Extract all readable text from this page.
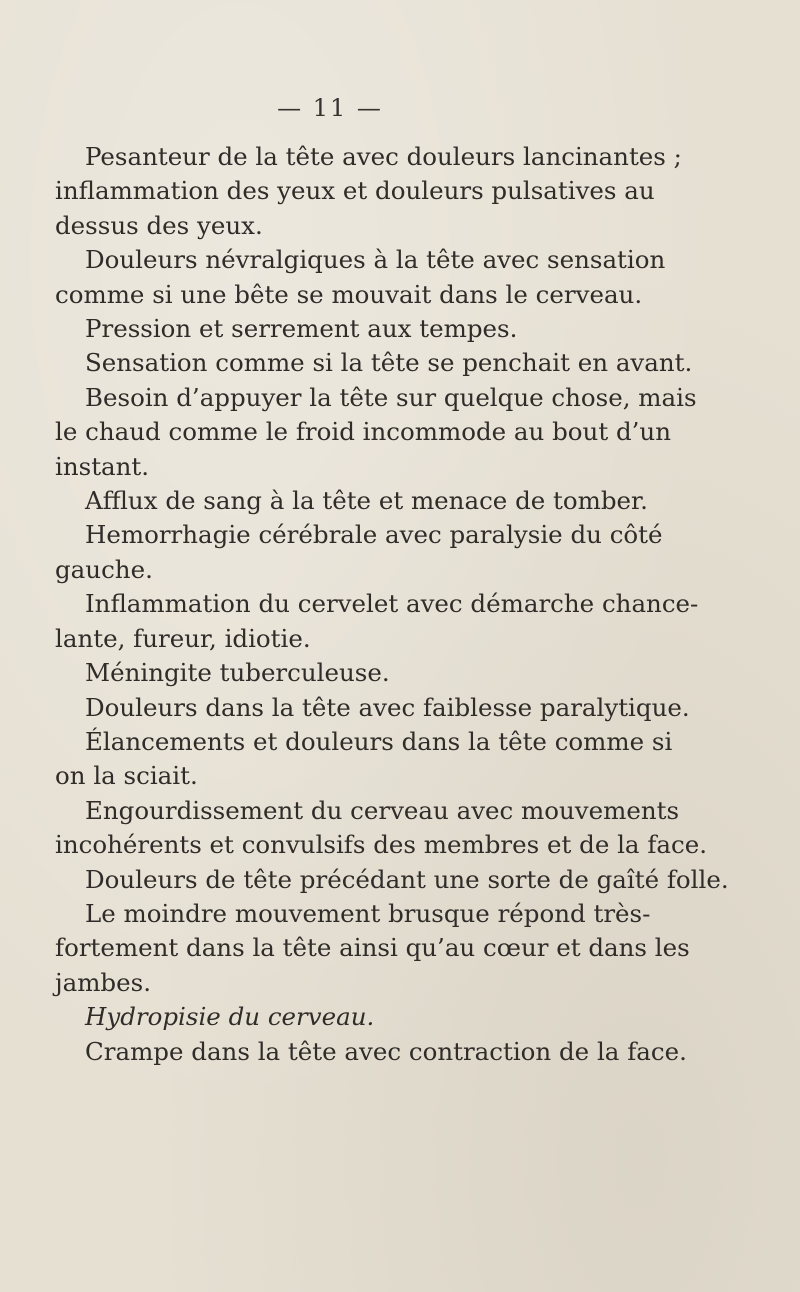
— 11 —
Pesanteur de la tête avec douleurs lancinantes ;
inflammation des yeux et douleurs pulsatives au
dessus des yeux.
Douleurs névralgiques à la tête avec sensation
comme si une bête se mouvait dans le cerveau.
Pression et serrement aux tempes.
Sensation comme si la tête se penchait en avant.
Besoin d’appuyer la tête sur quelque chose, mais
le chaud comme le froid incommode au bout d’un
instant.
Afflux de sang à la tête et menace de tomber.
Hemorrhagie cérébrale avec paralysie du côté
gauche.
Inflammation du cervelet avec démarche chance-
lante, fureur, idiotie.
Méningite tuberculeuse.
Douleurs dans la tête avec faiblesse paralytique.
Élancements et douleurs dans la tête comme si
on la sciait.
Engourdissement du cerveau avec mouvements
incohérents et convulsifs des membres et de la face.
Douleurs de tête précédant une sorte de gaîté folle.
Le moindre mouvement brusque répond très-
fortement dans la tête ainsi qu’au cœur et dans les
jambes.
Hydropisie du cerveau.
Crampe dans la tête avec contraction de la face.
